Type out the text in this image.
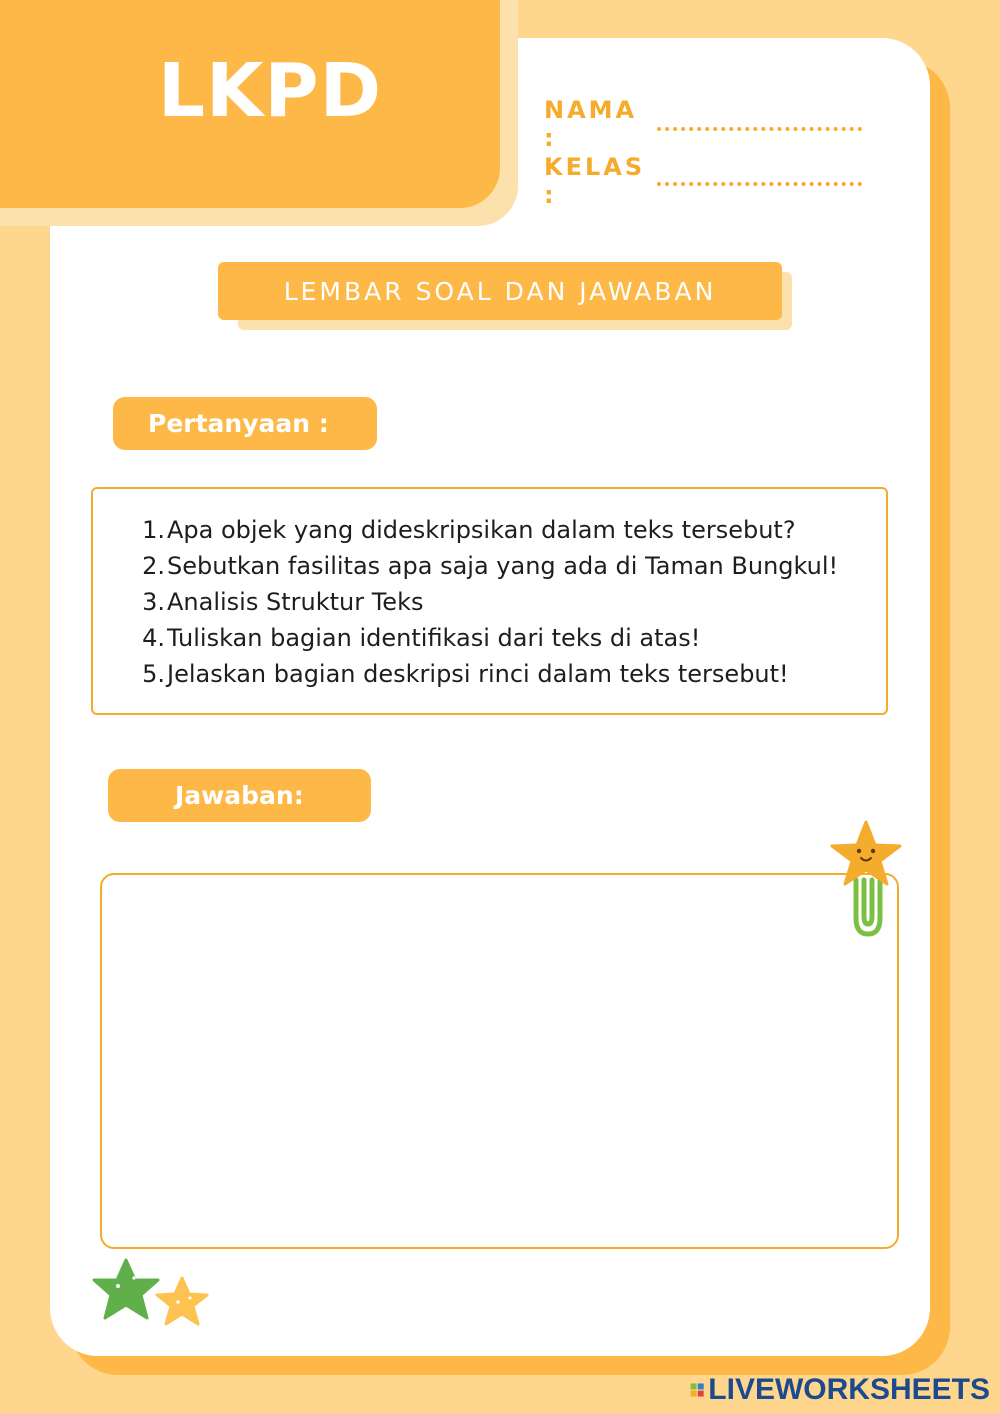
LKPD	NAMA :
KELAS :
LEMBAR SOAL DAN JAWABAN
Pertanyaan :
1. Apa objek yang dideskripsikan dalam teks tersebut?
2. Sebutkan fasilitas apa saja yang ada di Taman Bungkul!
3. Analisis Struktur Teks
4. Tuliskan bagian identifikasi dari teks di atas!
5. Jelaskan bagian deskripsi rinci dalam teks tersebut!
Jawaban:
LIVEWORKSHEETS
